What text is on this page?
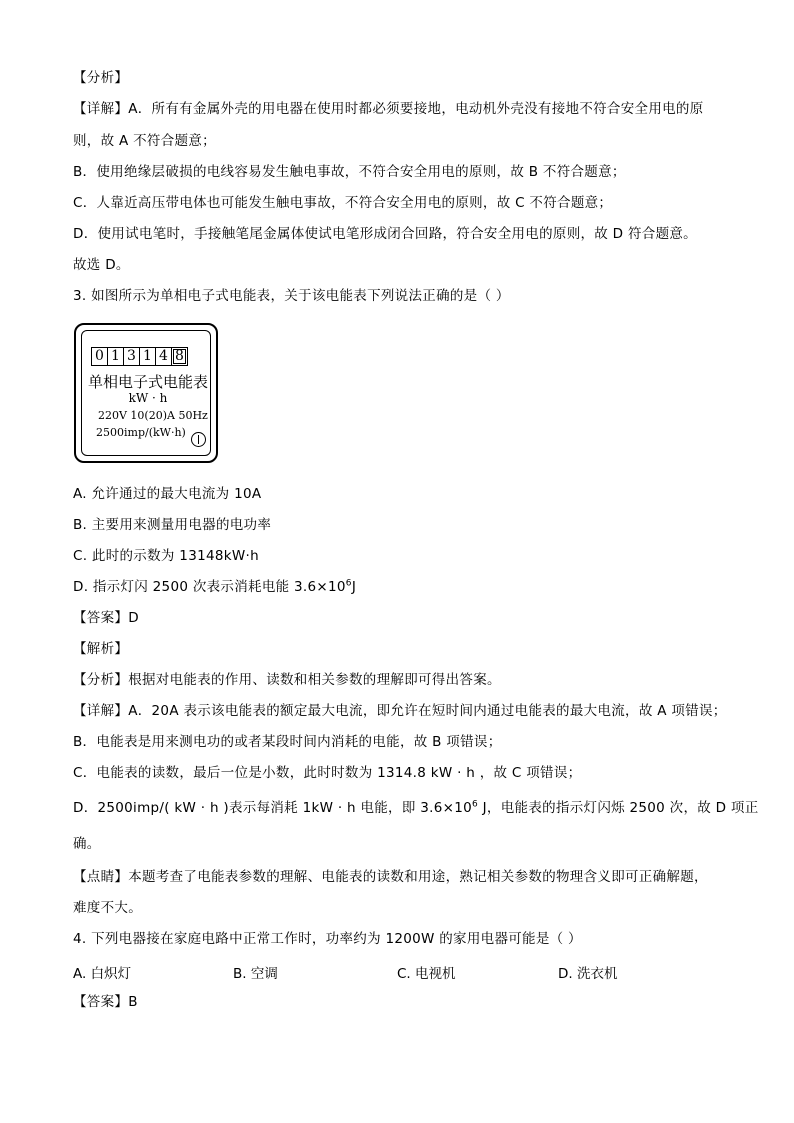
【分析】
【详解】A．所有有金属外壳的用电器在使用时都必须要接地，电动机外壳没有接地不符合安全用电的原
则，故 A 不符合题意；
B．使用绝缘层破损的电线容易发生触电事故，不符合安全用电的原则，故 B 不符合题意；
C．人靠近高压带电体也可能发生触电事故，不符合安全用电的原则，故 C 不符合题意；
D．使用试电笔时，手接触笔尾金属体使试电笔形成闭合回路，符合安全用电的原则，故 D 符合题意。
故选 D。
3. 如图所示为单相电子式电能表，关于该电能表下列说法正确的是（ ）
0 1 3 1 4 8
单相电子式电能表
kW · h
220V 10(20)A 50Hz
2500imp/(kW·h)
A. 允许通过的最大电流为 10A
B. 主要用来测量用电器的电功率
C. 此时的示数为 13148kW·h
D. 指示灯闪 2500 次表示消耗电能 $3.6\times 10^6J$
【答案】D
【解析】
【分析】根据对电能表的作用、读数和相关参数的理解即可得出答案。
【详解】A．20A 表示该电能表的额定最大电流，即允许在短时间内通过电能表的最大电流，故 A 项错误；
B．电能表是用来测电功的或者某段时间内消耗的电能，故 B 项错误；
C．电能表的读数，最后一位是小数，此时时数为 1314.8 kW · h ，故 C 项错误；
D．2500imp/( kW · h )表示每消耗 1kW · h 电能，即 $3.6\times 10^6$ J，电能表的指示灯闪烁 2500 次，故 D 项正
确。
【点睛】本题考查了电能表参数的理解、电能表的读数和用途，熟记相关参数的物理含义即可正确解题，
难度不大。
4. 下列电器接在家庭电路中正常工作时，功率约为 1200W 的家用电器可能是（ ）
A. 白炽灯	B. 空调	C. 电视机	D. 洗衣机
【答案】B
